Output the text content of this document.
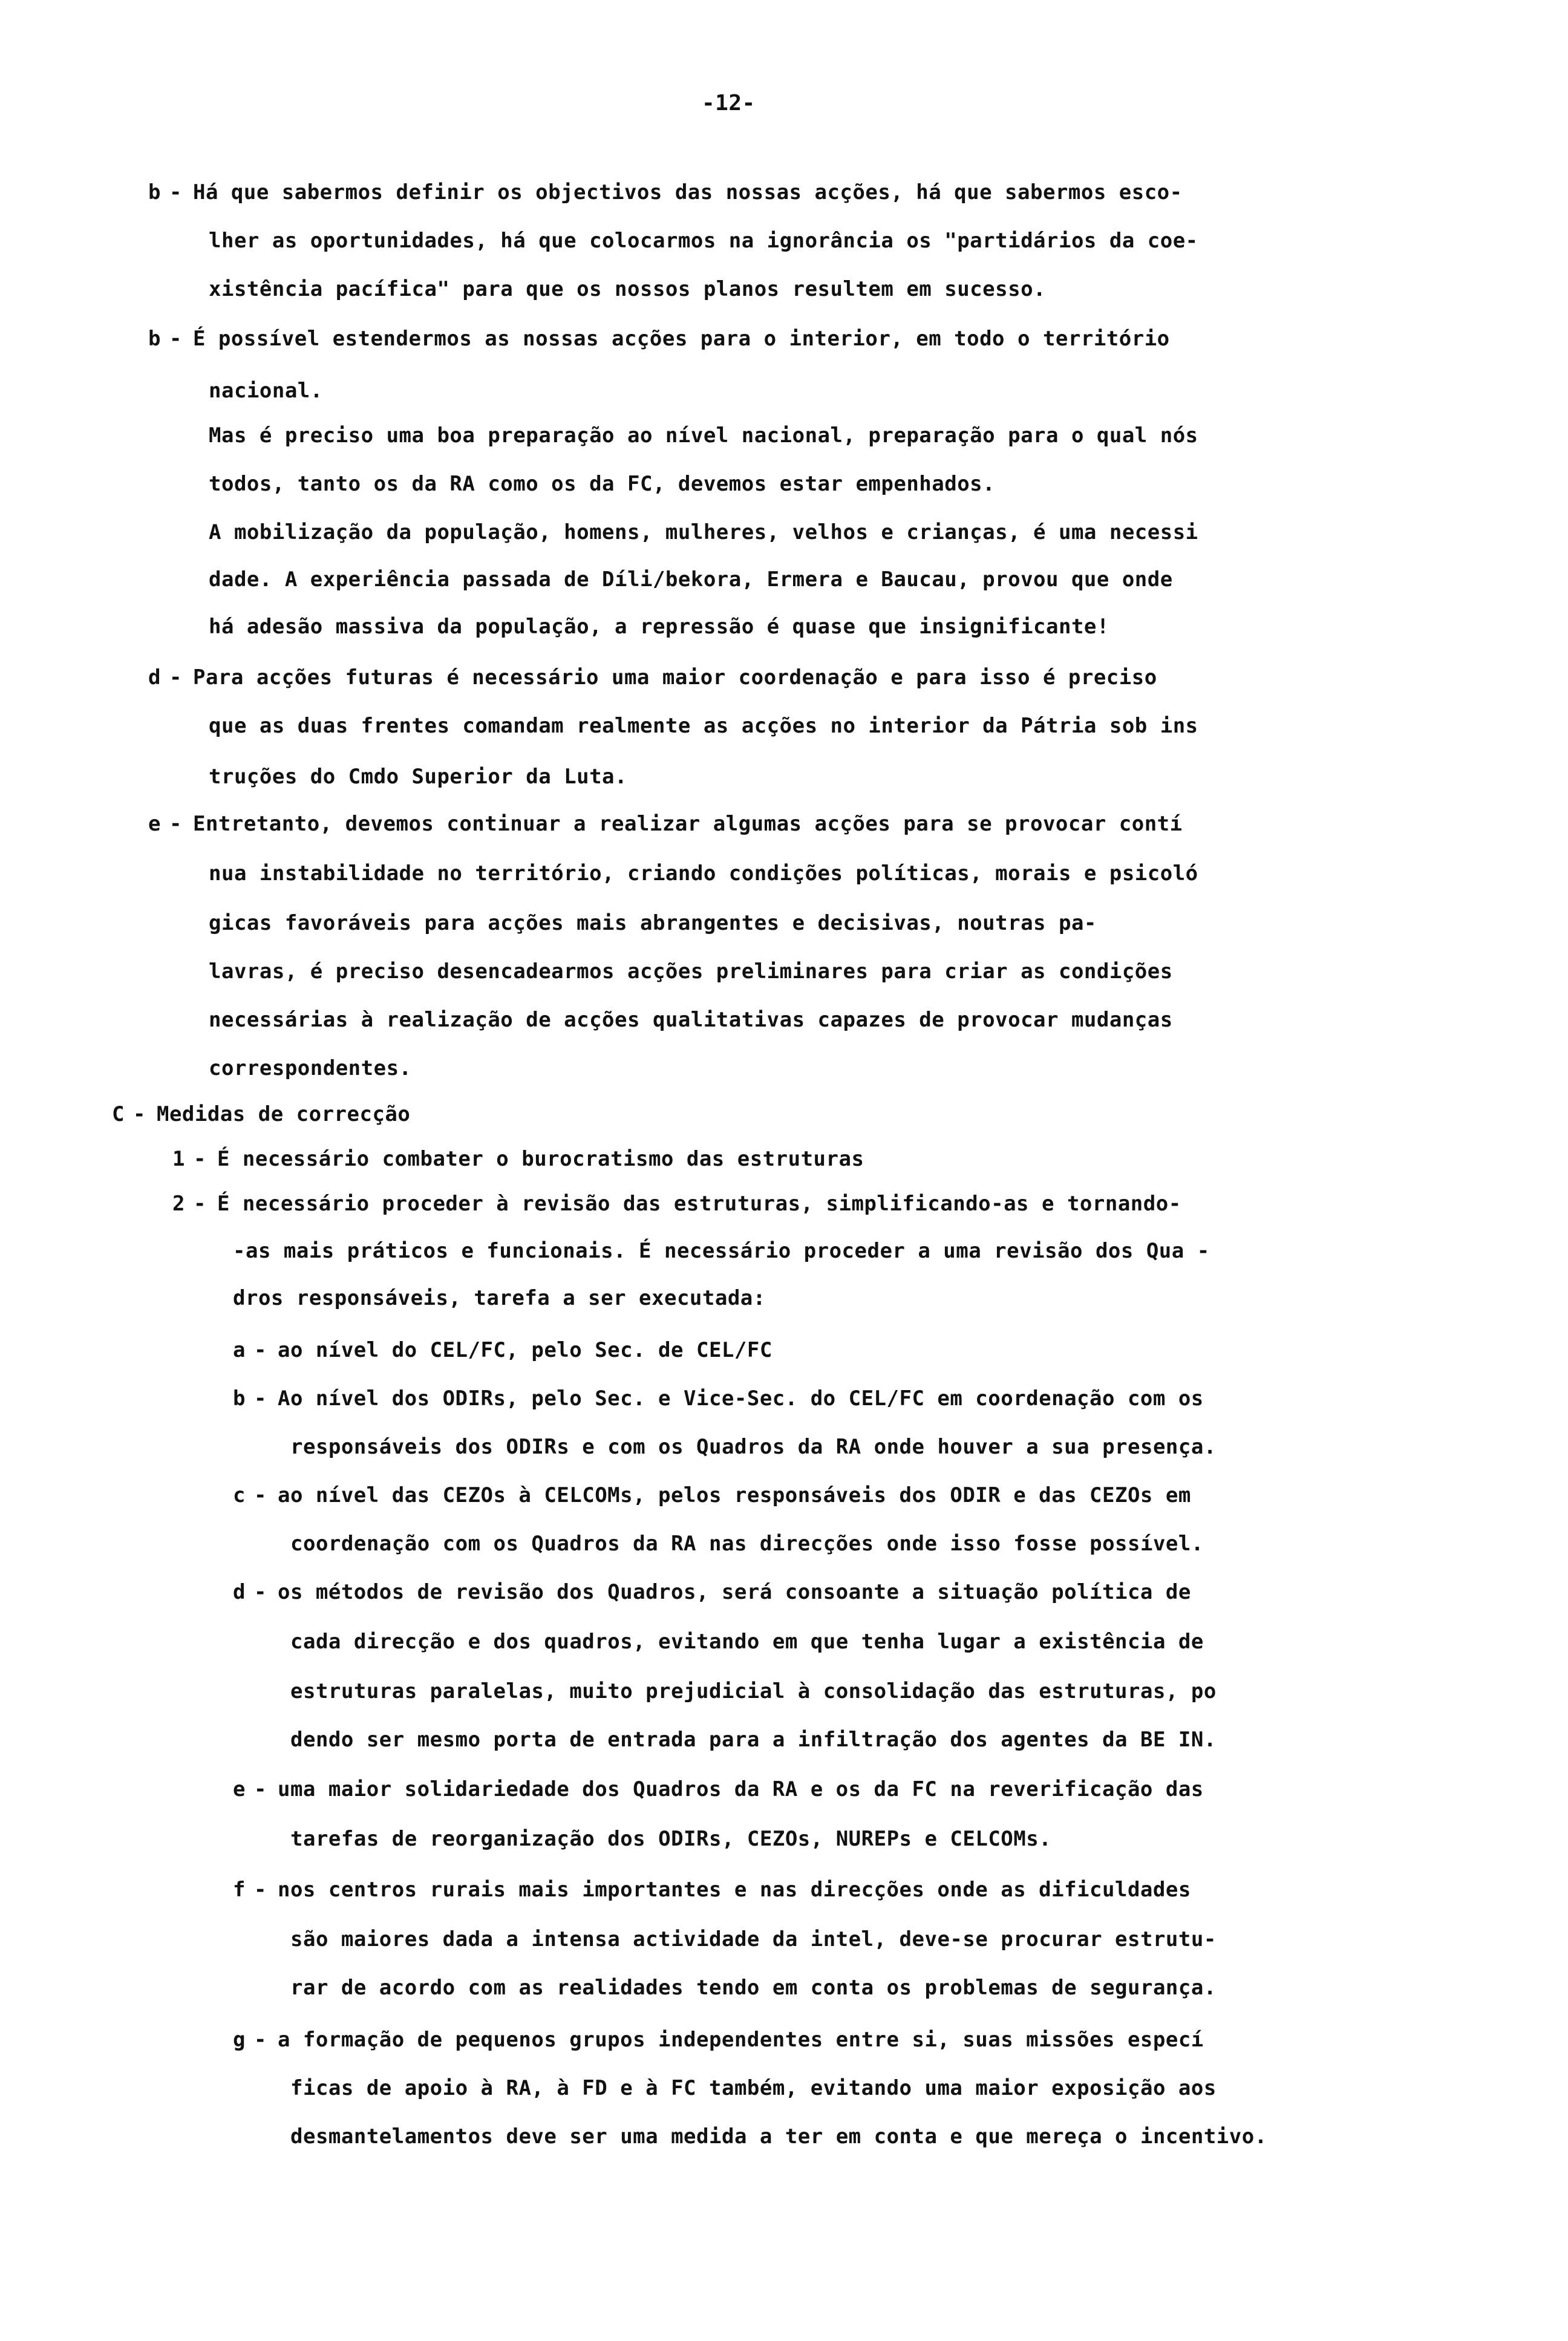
-12-
b - Há que sabermos definir os objectivos das nossas acções, há que sabermos esco-
lher as oportunidades, há que colocarmos na ignorância os "partidários da coe-
xistência pacífica" para que os nossos planos resultem em sucesso.
b - É possível estendermos as nossas acções para o interior, em todo o território
nacional.
Mas é preciso uma boa preparação ao nível nacional, preparação para o qual nós
todos, tanto os da RA como os da FC, devemos estar empenhados.
A mobilização da população, homens, mulheres, velhos e crianças, é uma necessi
dade. A experiência passada de Díli/bekora, Ermera e Baucau, provou que onde
há adesão massiva da população, a repressão é quase que insignificante!
d - Para acções futuras é necessário uma maior coordenação e para isso é preciso
que as duas frentes comandam realmente as acções no interior da Pátria sob ins
truções do Cmdo Superior da Luta.
e - Entretanto, devemos continuar a realizar algumas acções para se provocar contí
nua instabilidade no território, criando condições políticas, morais e psicoló
gicas favoráveis para acções mais abrangentes e decisivas, noutras pa-
lavras, é preciso desencadearmos acções preliminares para criar as condições
necessárias à realização de acções qualitativas capazes de provocar mudanças
correspondentes.
C - Medidas de correcção
1 - É necessário combater o burocratismo das estruturas
2 - É necessário proceder à revisão das estruturas, simplificando-as e tornando-
-as mais práticos e funcionais. É necessário proceder a uma revisão dos Qua -
dros responsáveis, tarefa a ser executada:
a - ao nível do CEL/FC, pelo Sec. de CEL/FC
b - Ao nível dos ODIRs, pelo Sec. e Vice-Sec. do CEL/FC em coordenação com os
responsáveis dos ODIRs e com os Quadros da RA onde houver a sua presença.
c - ao nível das CEZOs à CELCOMs, pelos responsáveis dos ODIR e das CEZOs em
coordenação com os Quadros da RA nas direcções onde isso fosse possível.
d - os métodos de revisão dos Quadros, será consoante a situação política de
cada direcção e dos quadros, evitando em que tenha lugar a existência de
estruturas paralelas, muito prejudicial à consolidação das estruturas, po
dendo ser mesmo porta de entrada para a infiltração dos agentes da BE IN.
e - uma maior solidariedade dos Quadros da RA e os da FC na reverificação das
tarefas de reorganização dos ODIRs, CEZOs, NUREPs e CELCOMs.
f - nos centros rurais mais importantes e nas direcções onde as dificuldades
são maiores dada a intensa actividade da intel, deve-se procurar estrutu-
rar de acordo com as realidades tendo em conta os problemas de segurança.
g - a formação de pequenos grupos independentes entre si, suas missões especí
ficas de apoio à RA, à FD e à FC também, evitando uma maior exposição aos
desmantelamentos deve ser uma medida a ter em conta e que mereça o incentivo.
